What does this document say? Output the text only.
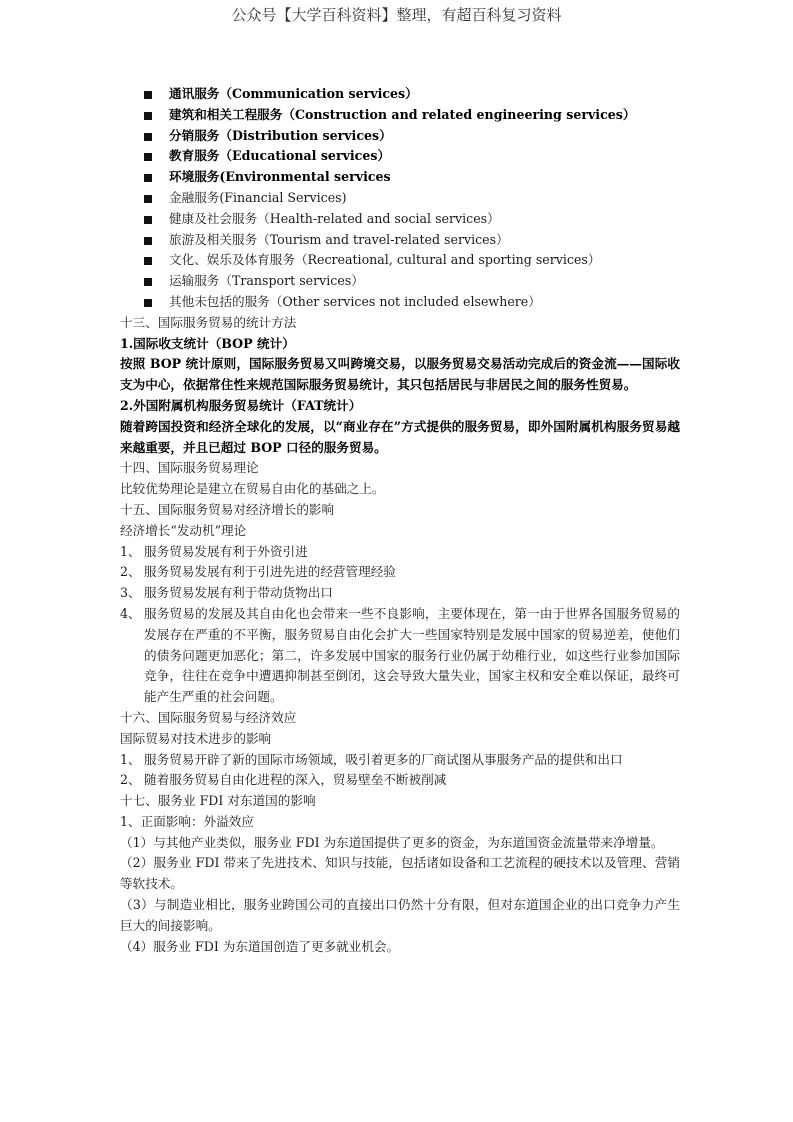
公众号【大学百科资料】整理，有超百科复习资料
通讯服务（Communication services）
建筑和相关工程服务（Construction and related engineering services）
分销服务（Distribution services）
教育服务（Educational services）
环境服务(Environmental services
金融服务(Financial Services)
健康及社会服务（Health-related and social services）
旅游及相关服务（Tourism and travel-related services）
文化、娱乐及体育服务（Recreational, cultural and sporting services）
运输服务（Transport services）
其他未包括的服务（Other services not included elsewhere）
十三、国际服务贸易的统计方法
1.国际收支统计（BOP 统计）
按照 BOP 统计原则，国际服务贸易又叫跨境交易，以服务贸易交易活动完成后的资金流——国际收支为中心，依据常住性来规范国际服务贸易统计，其只包括居民与非居民之间的服务性贸易。
2.外国附属机构服务贸易统计（FAT统计）
随着跨国投资和经济全球化的发展，以“商业存在”方式提供的服务贸易，即外国附属机构服务贸易越来越重要，并且已超过 BOP 口径的服务贸易。
十四、国际服务贸易理论
比较优势理论是建立在贸易自由化的基础之上。
十五、国际服务贸易对经济增长的影响
经济增长“发动机”理论
1、 服务贸易发展有利于外资引进
2、 服务贸易发展有利于引进先进的经营管理经验
3、 服务贸易发展有利于带动货物出口
4、 服务贸易的发展及其自由化也会带来一些不良影响，主要体现在，第一由于世界各国服务贸易的发展存在严重的不平衡，服务贸易自由化会扩大一些国家特别是发展中国家的贸易逆差，使他们的债务问题更加恶化；第二，许多发展中国家的服务行业仍属于幼稚行业，如这些行业参加国际竞争，往往在竞争中遭遇抑制甚至倒闭，这会导致大量失业，国家主权和安全难以保证，最终可能产生严重的社会问题。
十六、国际服务贸易与经济效应
国际贸易对技术进步的影响
1、 服务贸易开辟了新的国际市场领域，吸引着更多的厂商试图从事服务产品的提供和出口
2、 随着服务贸易自由化进程的深入，贸易壁垒不断被削减
十七、服务业 FDI 对东道国的影响
1、正面影响：外溢效应
（1）与其他产业类似，服务业 FDI 为东道国提供了更多的资金，为东道国资金流量带来净增量。
（2）服务业 FDI 带来了先进技术、知识与技能，包括诸如设备和工艺流程的硬技术以及管理、营销等软技术。
（3）与制造业相比，服务业跨国公司的直接出口仍然十分有限，但对东道国企业的出口竞争力产生巨大的间接影响。
（4）服务业 FDI 为东道国创造了更多就业机会。
